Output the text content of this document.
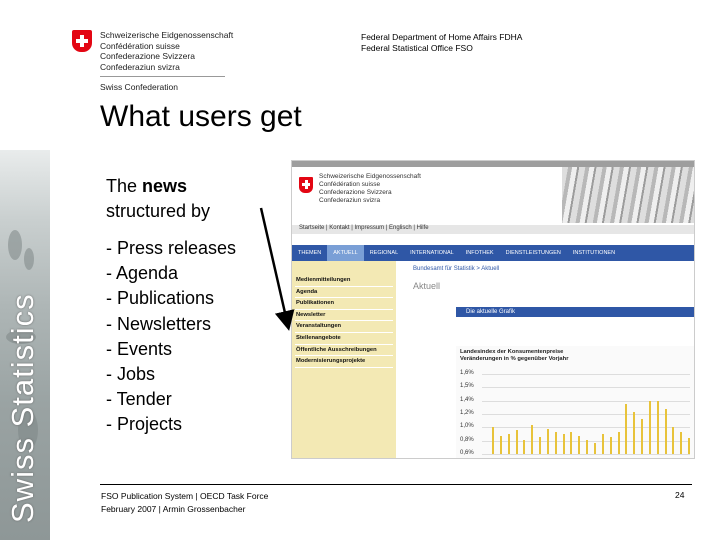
Swiss Statistics
Schweizerische Eidgenossenschaft
Confédération suisse
Confederazione Svizzera
Confederaziun svizra
Swiss Confederation
Federal Department of Home Affairs FDHA
Federal Statistical Office FSO
What users get
The news
structured by
- Press releases
- Agenda
- Publications
- Newsletters
- Events
- Jobs
- Tender
- Projects
Schweizerische Eidgenossenschaft
Confédération suisse
Confederazione Svizzera
Confederaziun svizra
Startseite | Kontakt | Impressum | Englisch | Hilfe
THEMEN	AKTUELL	REGIONAL	INTERNATIONAL	INFOTHEK	DIENSTLEISTUNGEN	INSTITUTIONEN
Medienmitteilungen
Agenda
Publikationen
Newsletter
Veranstaltungen
Stellenangebote
Öffentliche Ausschreibungen
Modernisierungsprojekte
Bundesamt für Statistik > Aktuell
Aktuell
Die aktuelle Grafik
Landesindex der Konsumentenpreise
Veränderungen in % gegenüber Vorjahr
1,6%
1,5%
1,4%
1,2%
1,0%
0,8%
0,6%
FSO Publication System | OECD Task Force
February 2007 | Armin Grossenbacher
24
